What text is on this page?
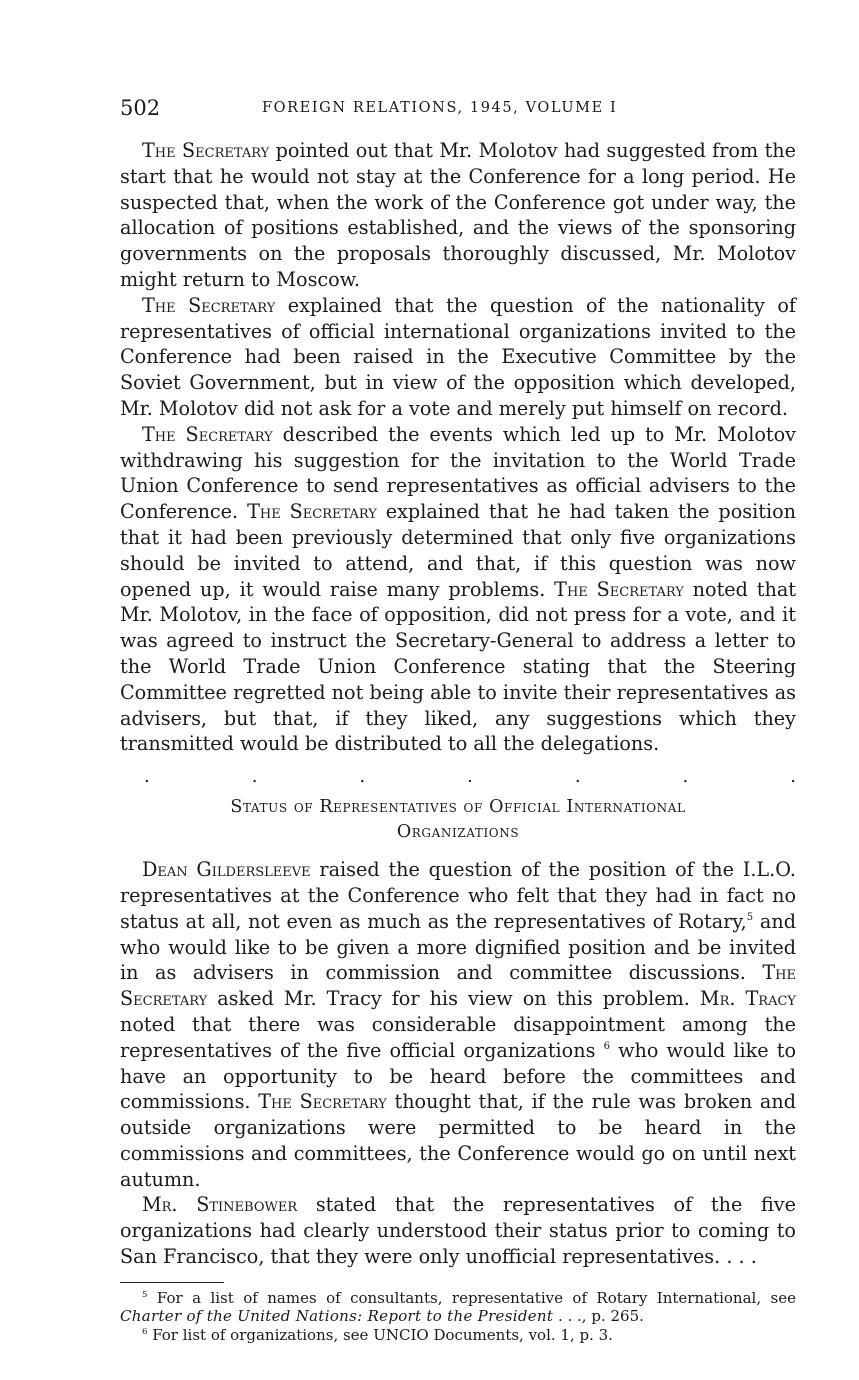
502	FOREIGN RELATIONS, 1945, VOLUME I

The Secretary pointed out that Mr. Molotov had suggested from the start that he would not stay at the Conference for a long period. He suspected that, when the work of the Conference got under way, the allocation of positions established, and the views of the sponsoring governments on the proposals thoroughly discussed, Mr. Molotov might return to Moscow.

The Secretary explained that the question of the nationality of representatives of official international organizations invited to the Conference had been raised in the Executive Committee by the Soviet Government, but in view of the opposition which developed, Mr. Molotov did not ask for a vote and merely put himself on record.

The Secretary described the events which led up to Mr. Molotov withdrawing his suggestion for the invitation to the World Trade Union Conference to send representatives as official advisers to the Conference. The Secretary explained that he had taken the position that it had been previously determined that only five organizations should be invited to attend, and that, if this question was now opened up, it would raise many problems. The Secretary noted that Mr. Molotov, in the face of opposition, did not press for a vote, and it was agreed to instruct the Secretary-General to address a letter to the World Trade Union Conference stating that the Steering Committee regretted not being able to invite their representatives as advisers, but that, if they liked, any suggestions which they transmitted would be distributed to all the delegations.

.	.	.	.	.	.	.
Status of Representatives of Official International
Organizations

Dean Gildersleeve raised the question of the position of the I.L.O. representatives at the Conference who felt that they had in fact no status at all, not even as much as the representatives of Rotary,$^5$ and who would like to be given a more dignified position and be invited in as advisers in commission and committee discussions. The Secretary asked Mr. Tracy for his view on this problem. Mr. Tracy noted that there was considerable disappointment among the representatives of the five official organizations $^6$ who would like to have an opportunity to be heard before the committees and commissions. The Secretary thought that, if the rule was broken and outside organizations were permitted to be heard in the commissions and committees, the Conference would go on until next autumn.

Mr. Stinebower stated that the representatives of the five organizations had clearly understood their status prior to coming to San Francisco, that they were only unofficial representatives. . . .

$^5$ For a list of names of consultants, representative of Rotary International, see Charter of the United Nations: Report to the President . . ., p. 265.

$^6$ For list of organizations, see UNCIO Documents, vol. 1, p. 3.
